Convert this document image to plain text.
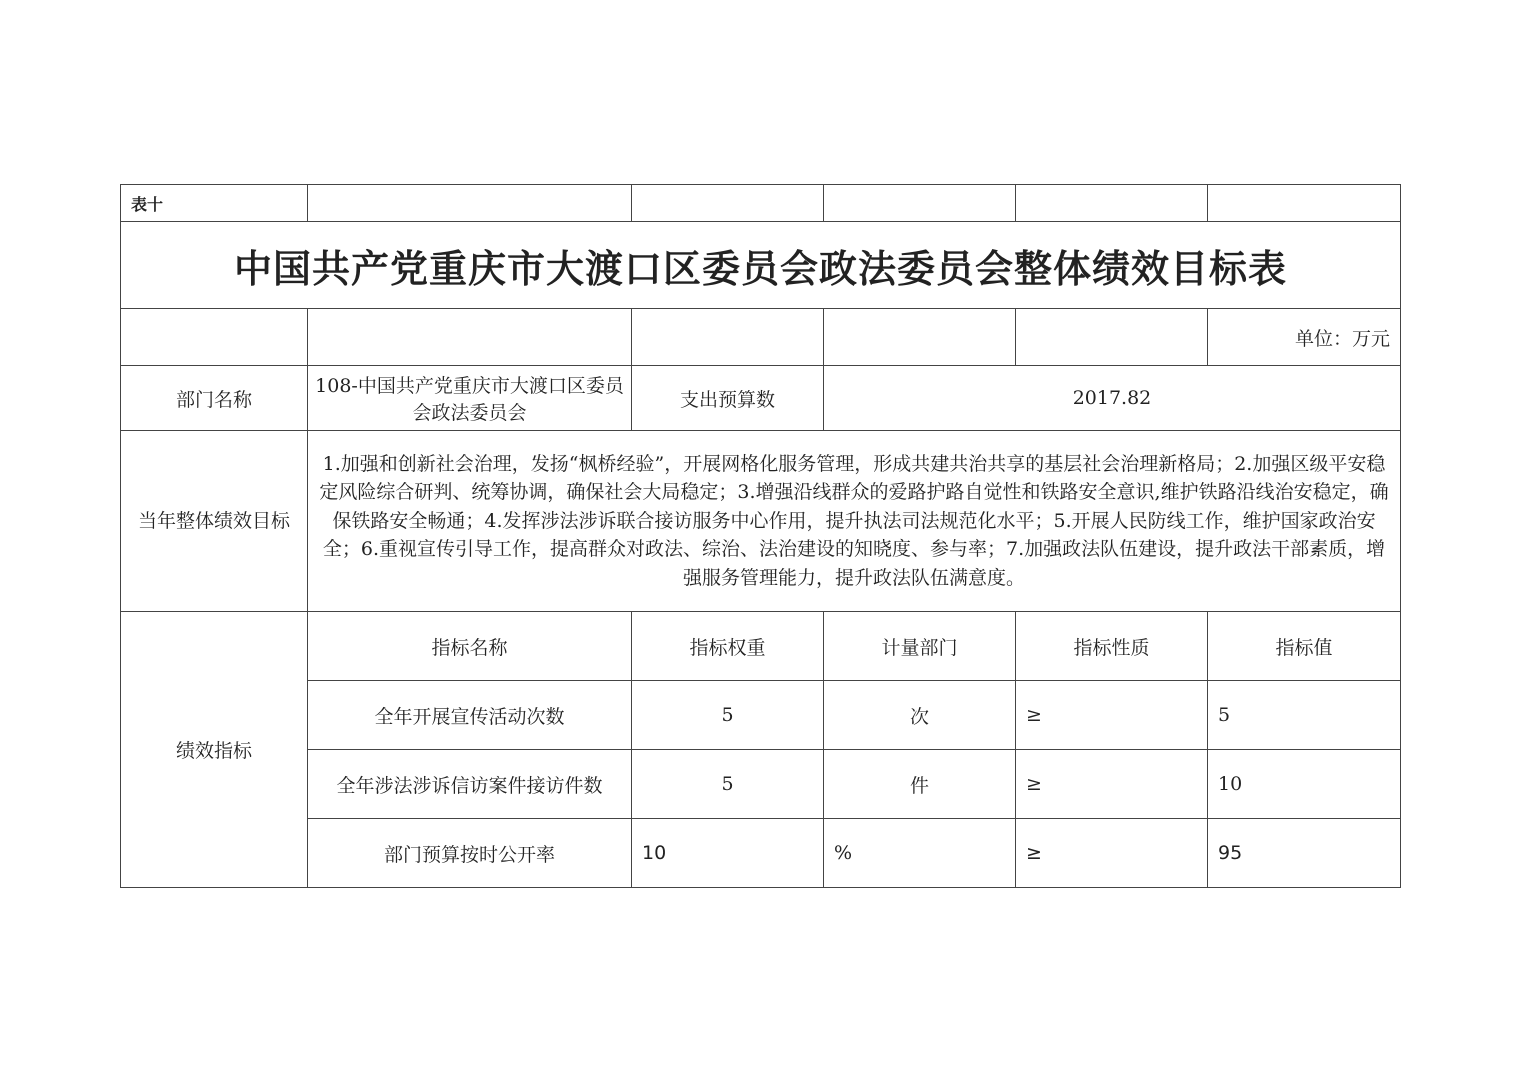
表十					
中国共产党重庆市大渡口区委员会政法委员会整体绩效目标表					
					单位：万元
部门名称	108-中国共产党重庆市大渡口区委员会政法委员会	支出预算数	2017.82		
当年整体绩效目标	1.加强和创新社会治理，发扬“枫桥经验”，开展网格化服务管理，形成共建共治共享的基层社会治理新格局；2.加强区级平安稳定风险综合研判、统筹协调，确保社会大局稳定；3.增强沿线群众的爱路护路自觉性和铁路安全意识,维护铁路沿线治安稳定，确保铁路安全畅通；4.发挥涉法涉诉联合接访服务中心作用，提升执法司法规范化水平；5.开展人民防线工作，维护国家政治安全；6.重视宣传引导工作，提高群众对政法、综治、法治建设的知晓度、参与率；7.加强政法队伍建设，提升政法干部素质，增强服务管理能力，提升政法队伍满意度。				
绩效指标	指标名称	指标权重	计量部门	指标性质	指标值
	全年开展宣传活动次数	5	次	≥	5
	全年涉法涉诉信访案件接访件数	5	件	≥	10
	部门预算按时公开率	10	%	≥	95
